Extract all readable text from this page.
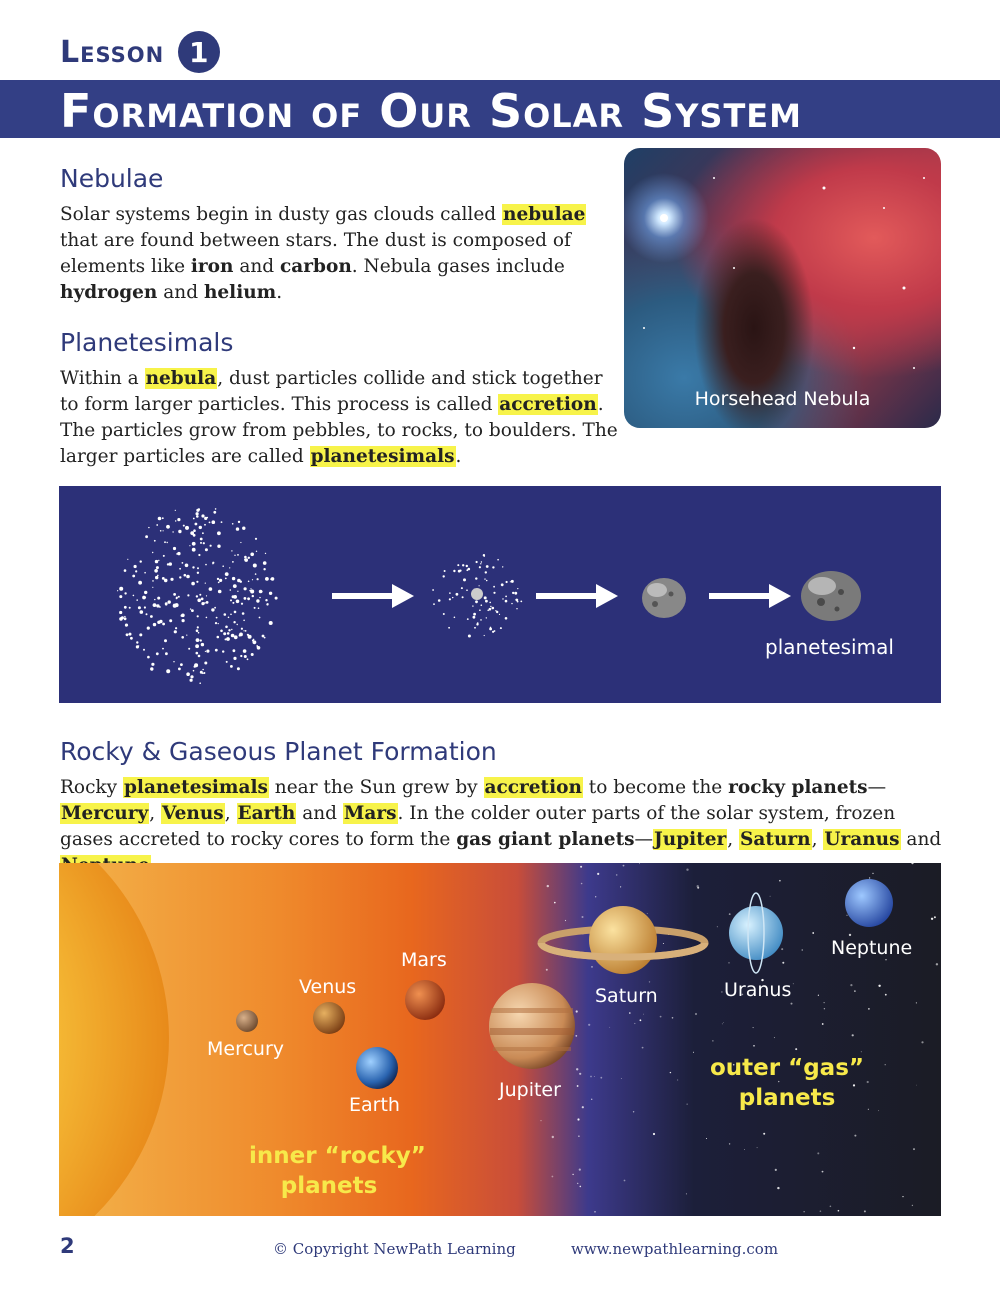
Lesson 1
Formation of Our Solar System
Nebulae

Solar systems begin in dusty gas clouds called nebulae that are found between stars. The dust is composed of elements like iron and carbon. Nebula gases include hydrogen and helium.

Planetesimals

Within a nebula, dust particles collide and stick together to form larger particles. This process is called accretion. The particles grow from pebbles, to rocks, to boulders. The larger particles are called planetesimals.

Horsehead Nebula
planetesimal
Rocky & Gaseous Planet Formation

Rocky planetesimals near the Sun grew by accretion to become the rocky planets—Mercury, Venus, Earth and Mars. In the colder outer parts of the solar system, frozen gases accreted to rocky cores to form the gas giant planets—Jupiter, Saturn, Uranus and

Mercury
Venus
Earth
Mars
Jupiter
Saturn	Uranus
Neptune
inner “rocky”
planets
outer “gas”
planets
2	© Copyright NewPath Learning	www.newpathlearning.com
